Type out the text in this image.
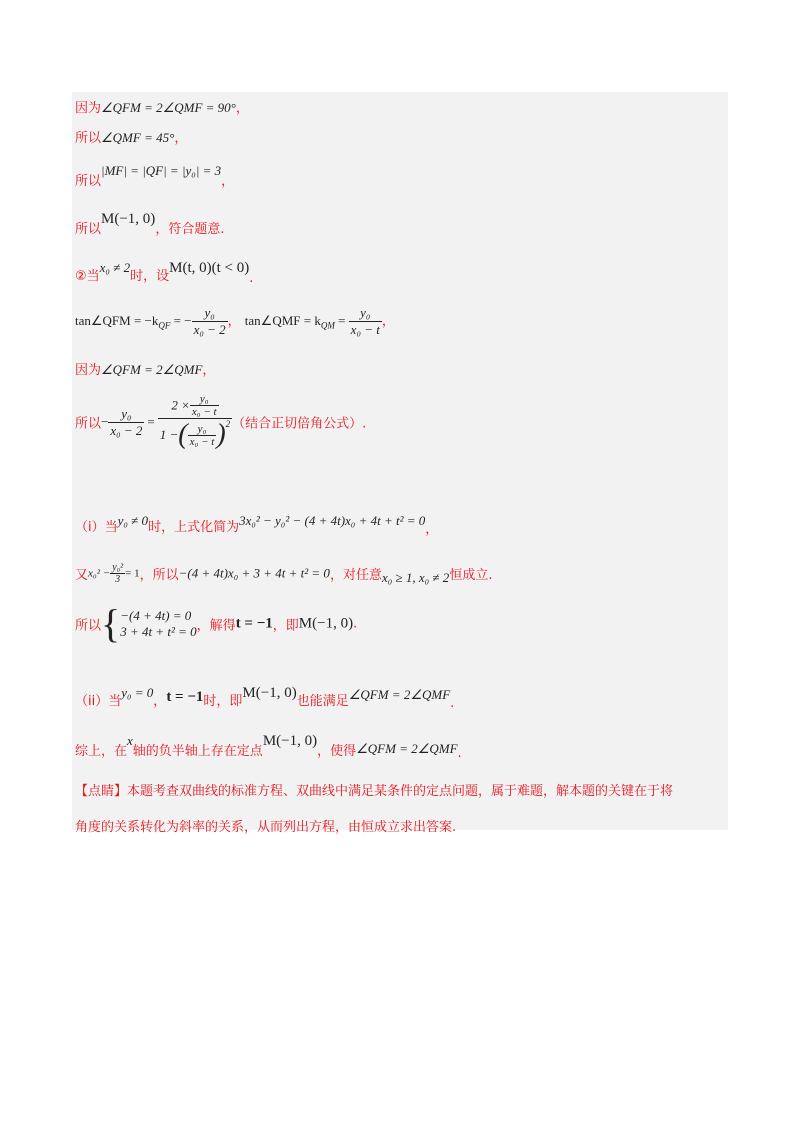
因为∠QFM = 2∠QMF = 90°，
所以∠QMF = 45°，
所以|MF| = |QF| = |y₀| = 3，
所以M(−1, 0)，符合题意.
②当x₀ ≠ 2时，设M(t, 0)(t < 0).
tan∠QFM = $-k_{QF}$ = − $\frac{\text{y₀}}{\text{x₀ − 2}}$ ， tan∠QMF = $k_{QM} = \frac{\text{y₀}}{\text{x₀ − t}}$ ，
因为∠QFM = 2∠QMF，
所以− $\frac{\text{y₀}}{\text{x₀ − 2}} = \frac{2 \times \frac{\text{y₀}}{\text{x₀ − t}}}{1 -( \frac{\text{y₀}}{\text{x₀ − t}} )^2}$ （结合正切倍角公式）.
（i）当y₀ ≠ 0时，上式化简为3x₀² − y₀² − (4 + 4t)x₀ + 4t + t² = 0，
又$x_0^2 - \frac{\text{y₀²}}{3} = 1$，所以−(4 + 4t)x₀ + 3 + 4t + t² = 0，对任意x₀ ≥ 1, x₀ ≠ 2恒成立.
所以{ −(4 + 4t) = 0
3 + 4t + t² = 0 ，解得t = −1，即M(−1, 0).
（ii）当y₀ = 0，t = −1时，即M(−1, 0)也能满足∠QFM = 2∠QMF.
综上，在x轴的负半轴上存在定点M(−1, 0)，使得∠QFM = 2∠QMF.
【点睛】本题考查双曲线的标准方程、双曲线中满足某条件的定点问题，属于难题，解本题的关键在于将
角度的关系转化为斜率的关系，从而列出方程，由恒成立求出答案.
